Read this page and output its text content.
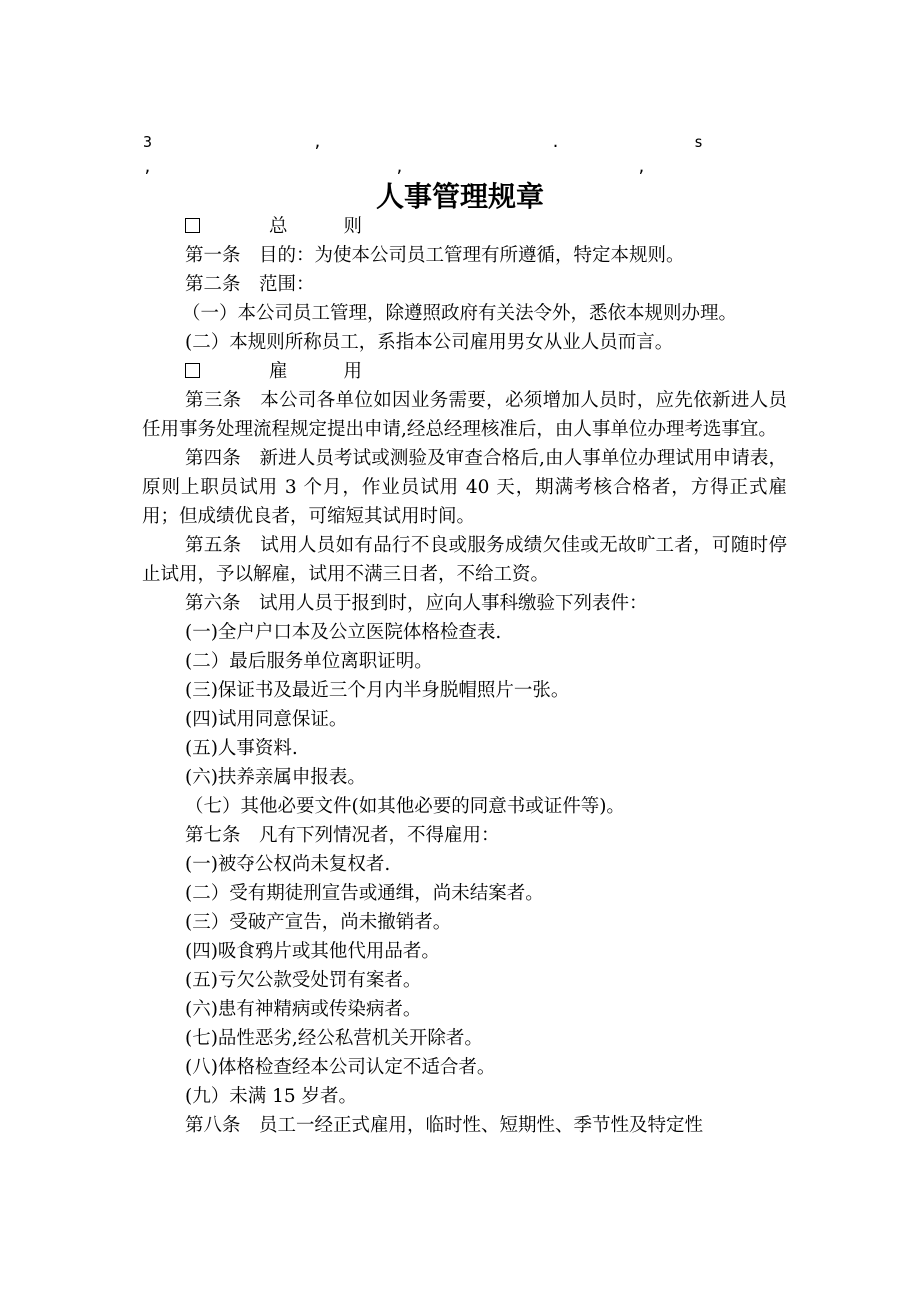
3	,	.	s
,	,	,
人事管理规章

总	则

第一条　目的：为使本公司员工管理有所遵循，特定本规则。

第二条　范围：

（一）本公司员工管理，除遵照政府有关法令外，悉依本规则办理。

(二）本规则所称员工，系指本公司雇用男女从业人员而言。

雇	用

第三条　本公司各单位如因业务需要，必须增加人员时，应先依新进人员任用事务处理流程规定提出申请,经总经理核准后，由人事单位办理考选事宜。

第四条　新进人员考试或测验及审查合格后,由人事单位办理试用申请表，原则上职员试用 3 个月，作业员试用 40 天，期满考核合格者，方得正式雇用；但成绩优良者，可缩短其试用时间。

第五条　试用人员如有品行不良或服务成绩欠佳或无故旷工者，可随时停止试用，予以解雇，试用不满三日者，不给工资。

第六条　试用人员于报到时，应向人事科缴验下列表件：

(一)全户户口本及公立医院体格检查表.

(二）最后服务单位离职证明。

(三)保证书及最近三个月内半身脱帽照片一张。

(四)试用同意保证。

(五)人事资料.

(六)扶养亲属申报表。

（七）其他必要文件(如其他必要的同意书或证件等)。

第七条　凡有下列情况者，不得雇用：

(一)被夺公权尚未复权者.

(二）受有期徒刑宣告或通缉，尚未结案者。

(三）受破产宣告，尚未撤销者。

(四)吸食鸦片或其他代用品者。

(五)亏欠公款受处罚有案者。

(六)患有神精病或传染病者。

(七)品性恶劣,经公私营机关开除者。

(八)体格检查经本公司认定不适合者。

(九）未满 15 岁者。

第八条　员工一经正式雇用，临时性、短期性、季节性及特定性
